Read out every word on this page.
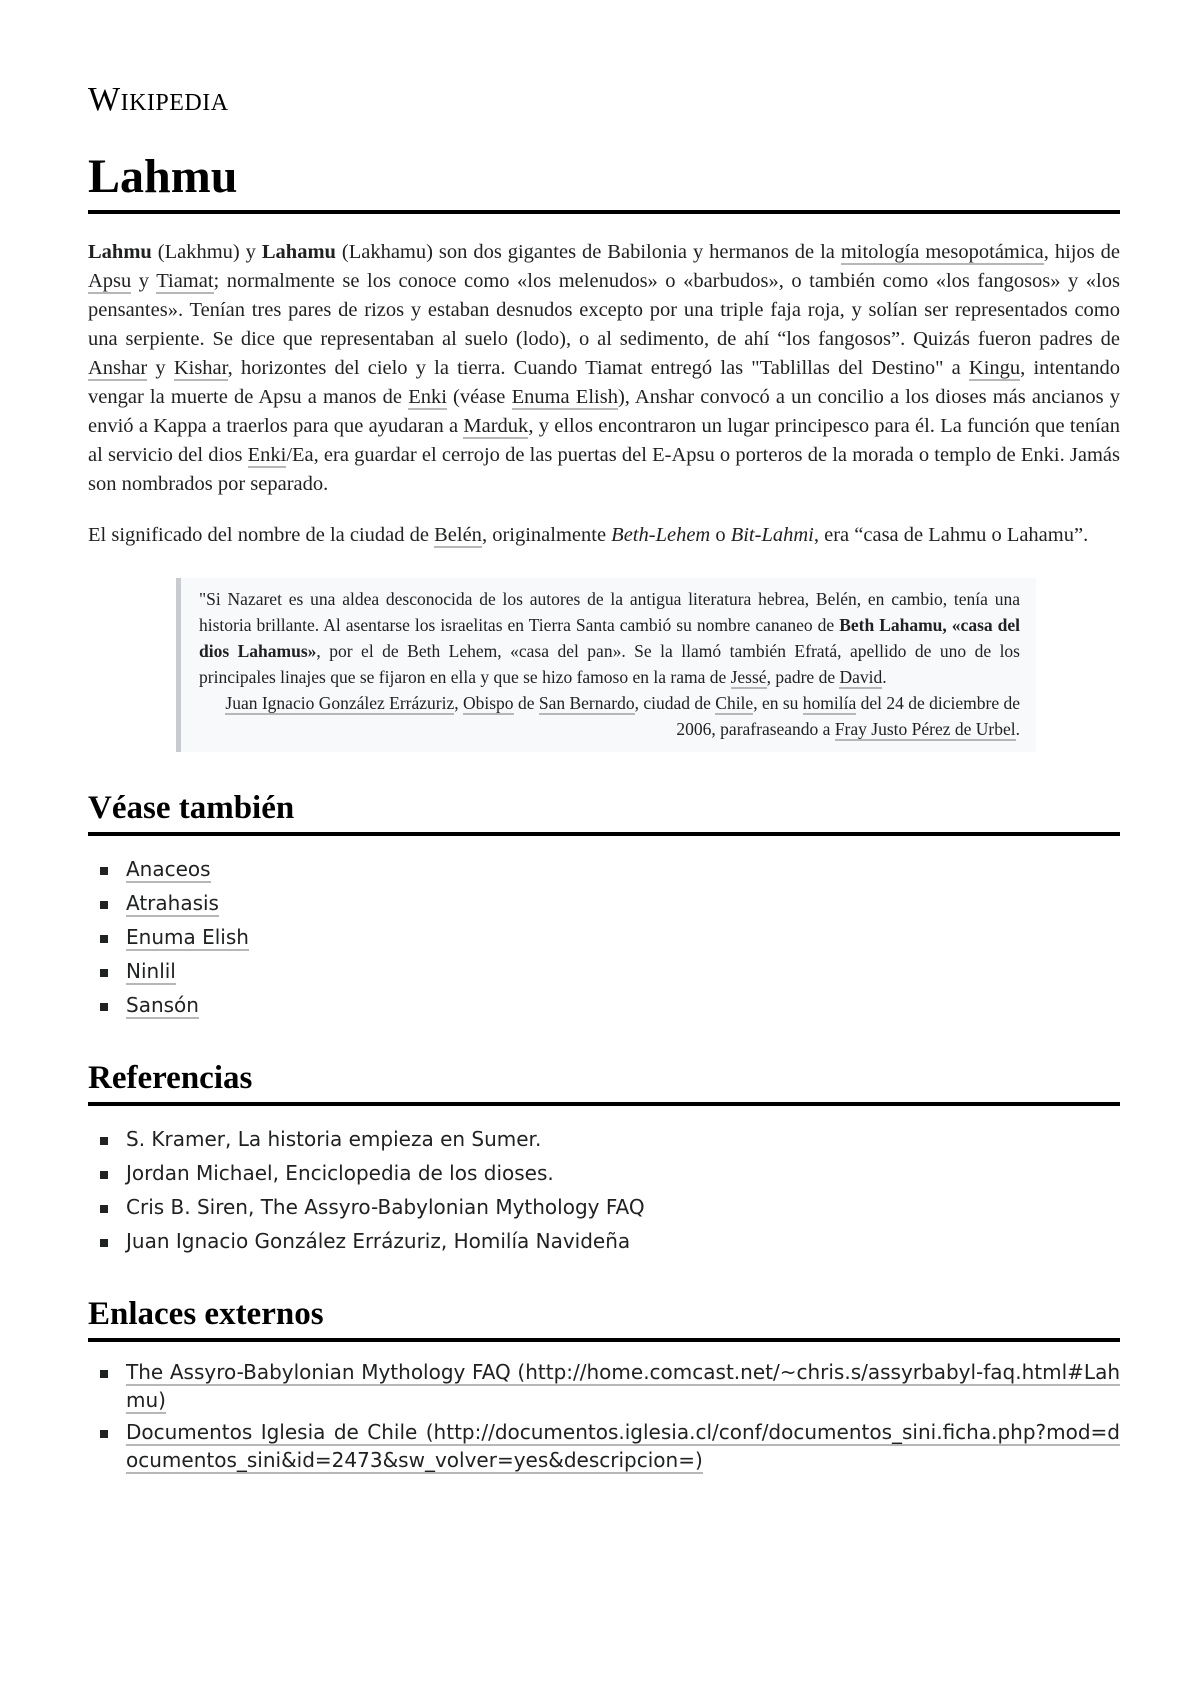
Wikipedia
Lahmu

Lahmu (Lakhmu) y Lahamu (Lakhamu) son dos gigantes de Babilonia y hermanos de la mitología mesopotámica, hijos de Apsu y Tiamat; normalmente se los conoce como «los melenudos» o «barbudos», o también como «los fangosos» y «los pensantes». Tenían tres pares de rizos y estaban desnudos excepto por una triple faja roja, y solían ser representados como una serpiente. Se dice que representaban al suelo (lodo), o al sedimento, de ahí “los fangosos”. Quizás fueron padres de Anshar y Kishar, horizontes del cielo y la tierra. Cuando Tiamat entregó las "Tablillas del Destino" a Kingu, intentando vengar la muerte de Apsu a manos de Enki (véase Enuma Elish), Anshar convocó a un concilio a los dioses más ancianos y envió a Kappa a traerlos para que ayudaran a Marduk, y ellos encontraron un lugar principesco para él. La función que tenían al servicio del dios Enki/Ea, era guardar el cerrojo de las puertas del E-Apsu o porteros de la morada o templo de Enki. Jamás son nombrados por separado.

El significado del nombre de la ciudad de Belén, originalmente Beth-Lehem o Bit-Lahmi, era “casa de Lahmu o Lahamu”.

"Si Nazaret es una aldea desconocida de los autores de la antigua literatura hebrea, Belén, en cambio, tenía una historia brillante. Al asentarse los israelitas en Tierra Santa cambió su nombre cananeo de Beth Lahamu, «casa del dios Lahamus», por el de Beth Lehem, «casa del pan». Se la llamó también Efratá, apellido de uno de los principales linajes que se fijaron en ella y que se hizo famoso en la rama de Jessé, padre de David.
Juan Ignacio González Errázuriz, Obispo de San Bernardo, ciudad de Chile, en su homilía del 24 de diciembre de 2006, parafraseando a Fray Justo Pérez de Urbel.
Véase también
Anaceos
Atrahasis
Enuma Elish
Ninlil
Sansón
Referencias
S. Kramer, La historia empieza en Sumer.
Jordan Michael, Enciclopedia de los dioses.
Cris B. Siren, The Assyro-Babylonian Mythology FAQ
Juan Ignacio González Errázuriz, Homilía Navideña
Enlaces externos
The Assyro-Babylonian Mythology FAQ (http://home.comcast.net/~chris.s/assyrbabyl-faq.html#Lahmu)
Documentos Iglesia de Chile (http://documentos.iglesia.cl/conf/documentos_sini.ficha.php?mod=documentos_sini&id=2473&sw_volver=yes&descripcion=)
